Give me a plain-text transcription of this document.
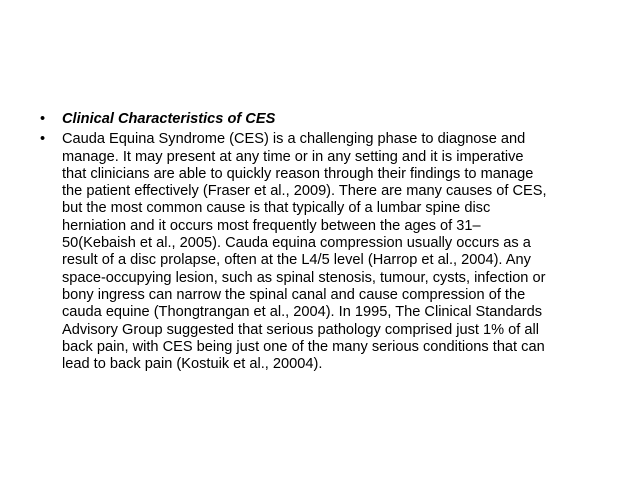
•	Clinical Characteristics of CES
•	Cauda Equina Syndrome (CES) is a challenging phase to diagnose and
manage. It may present at any time or in any setting and it is imperative
that clinicians are able to quickly reason through their findings to manage
the patient effectively (Fraser et al., 2009). There are many causes of CES,
but the most common cause is that typically of a lumbar spine disc
herniation and it occurs most frequently between the ages of 31–
50(Kebaish et al., 2005). Cauda equina compression usually occurs as a
result of a disc prolapse, often at the L4/5 level (Harrop et al., 2004). Any
space-occupying lesion, such as spinal stenosis, tumour, cysts, infection or
bony ingress can narrow the spinal canal and cause compression of the
cauda equine (Thongtrangan et al., 2004). In 1995, The Clinical Standards
Advisory Group suggested that serious pathology comprised just 1% of all
back pain, with CES being just one of the many serious conditions that can
lead to back pain (Kostuik et al., 20004).
